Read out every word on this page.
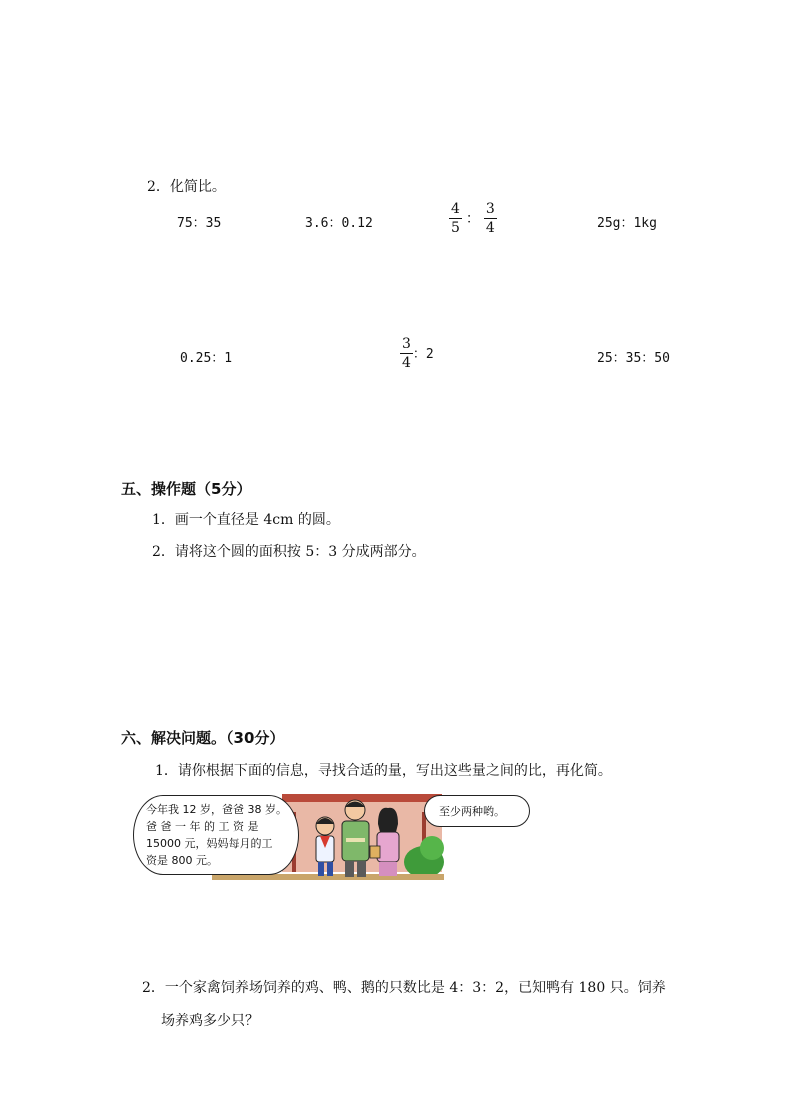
2．化简比。
75：35	3.6：0.12	$\frac{4}{5}$ ： $\frac{3}{4}$	25g：1kg
0.25：1	$\frac{3}{4}$ ：2	25：35：50
五、操作题（5分）
1．画一个直径是 4cm 的圆。
2．请将这个圆的面积按 5：3 分成两部分。
六、解决问题。（30分）
1．请你根据下面的信息，寻找合适的量，写出这些量之间的比，再化简。
今年我 12 岁，爸爸 38 岁。
爸 爸 一 年 的 工 资 是
15000 元，妈妈每月的工
资是 800 元。
至少两种哟。
2．一个家禽饲养场饲养的鸡、鸭、鹅的只数比是 4：3：2，已知鸭有 180 只。饲养
场养鸡多少只？
